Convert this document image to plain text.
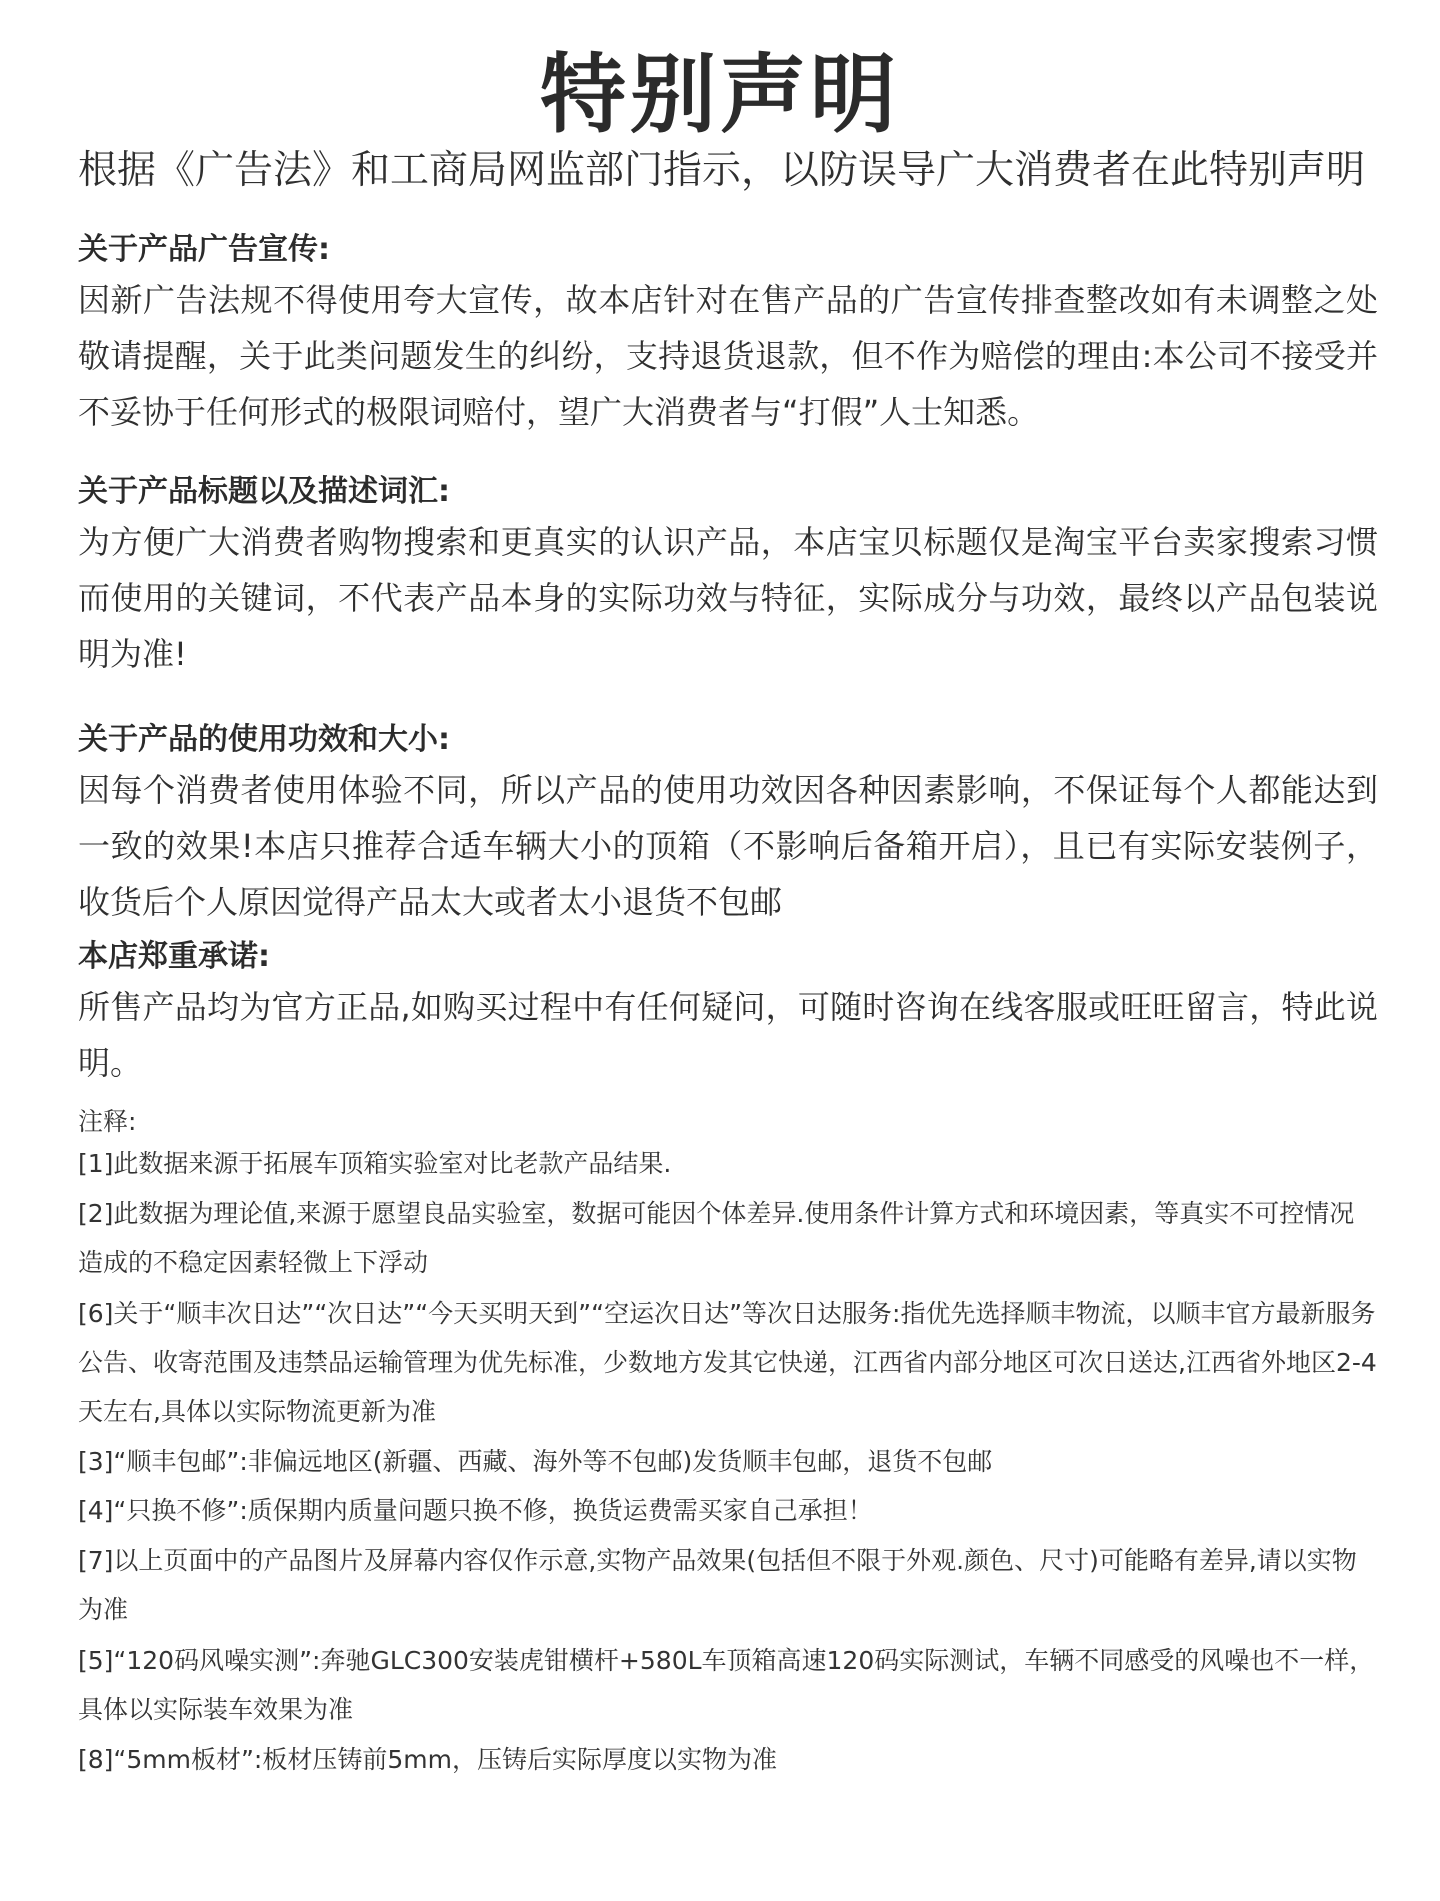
特别声明

根据《广告法》和工商局网监部门指示，以防误导广大消费者在此特别声明

关于产品广告宣传:

因新广告法规不得使用夸大宣传，故本店针对在售产品的广告宣传排查整改如有未调整之处敬请提醒，关于此类问题发生的纠纷，支持退货退款，但不作为赔偿的理由:本公司不接受并不妥协于任何形式的极限词赔付，望广大消费者与“打假”人士知悉。

关于产品标题以及描述词汇:

为方便广大消费者购物搜索和更真实的认识产品，本店宝贝标题仅是淘宝平台卖家搜索习惯而使用的关键词，不代表产品本身的实际功效与特征，实际成分与功效，最终以产品包装说明为准!

关于产品的使用功效和大小:

因每个消费者使用体验不同，所以产品的使用功效因各种因素影响，不保证每个人都能达到一致的效果!本店只推荐合适车辆大小的顶箱（不影响后备箱开启），且已有实际安装例子，收货后个人原因觉得产品太大或者太小退货不包邮

本店郑重承诺:

所售产品均为官方正品,如购买过程中有任何疑问，可随时咨询在线客服或旺旺留言，特此说明。

注释:

[1]此数据来源于拓展车顶箱实验室对比老款产品结果.

[2]此数据为理论值,来源于愿望良品实验室，数据可能因个体差异.使用条件计算方式和环境因素，等真实不可控情况造成的不稳定因素轻微上下浮动

[6]关于“顺丰次日达”“次日达”“今天买明天到”“空运次日达”等次日达服务:指优先选择顺丰物流，以顺丰官方最新服务公告、收寄范围及违禁品运输管理为优先标准，少数地方发其它快递，江西省内部分地区可次日送达,江西省外地区2-4天左右,具体以实际物流更新为准

[3]“顺丰包邮”:非偏远地区(新疆、西藏、海外等不包邮)发货顺丰包邮，退货不包邮

[4]“只换不修”:质保期内质量问题只换不修，换货运费需买家自己承担！

[7]以上页面中的产品图片及屏幕内容仅作示意,实物产品效果(包括但不限于外观.颜色、尺寸)可能略有差异,请以实物为准

[5]“120码风噪实测”:奔驰GLC300安装虎钳横杆+580L车顶箱高速120码实际测试，车辆不同感受的风噪也不一样，具体以实际装车效果为准

[8]“5mm板材”:板材压铸前5mm，压铸后实际厚度以实物为准
